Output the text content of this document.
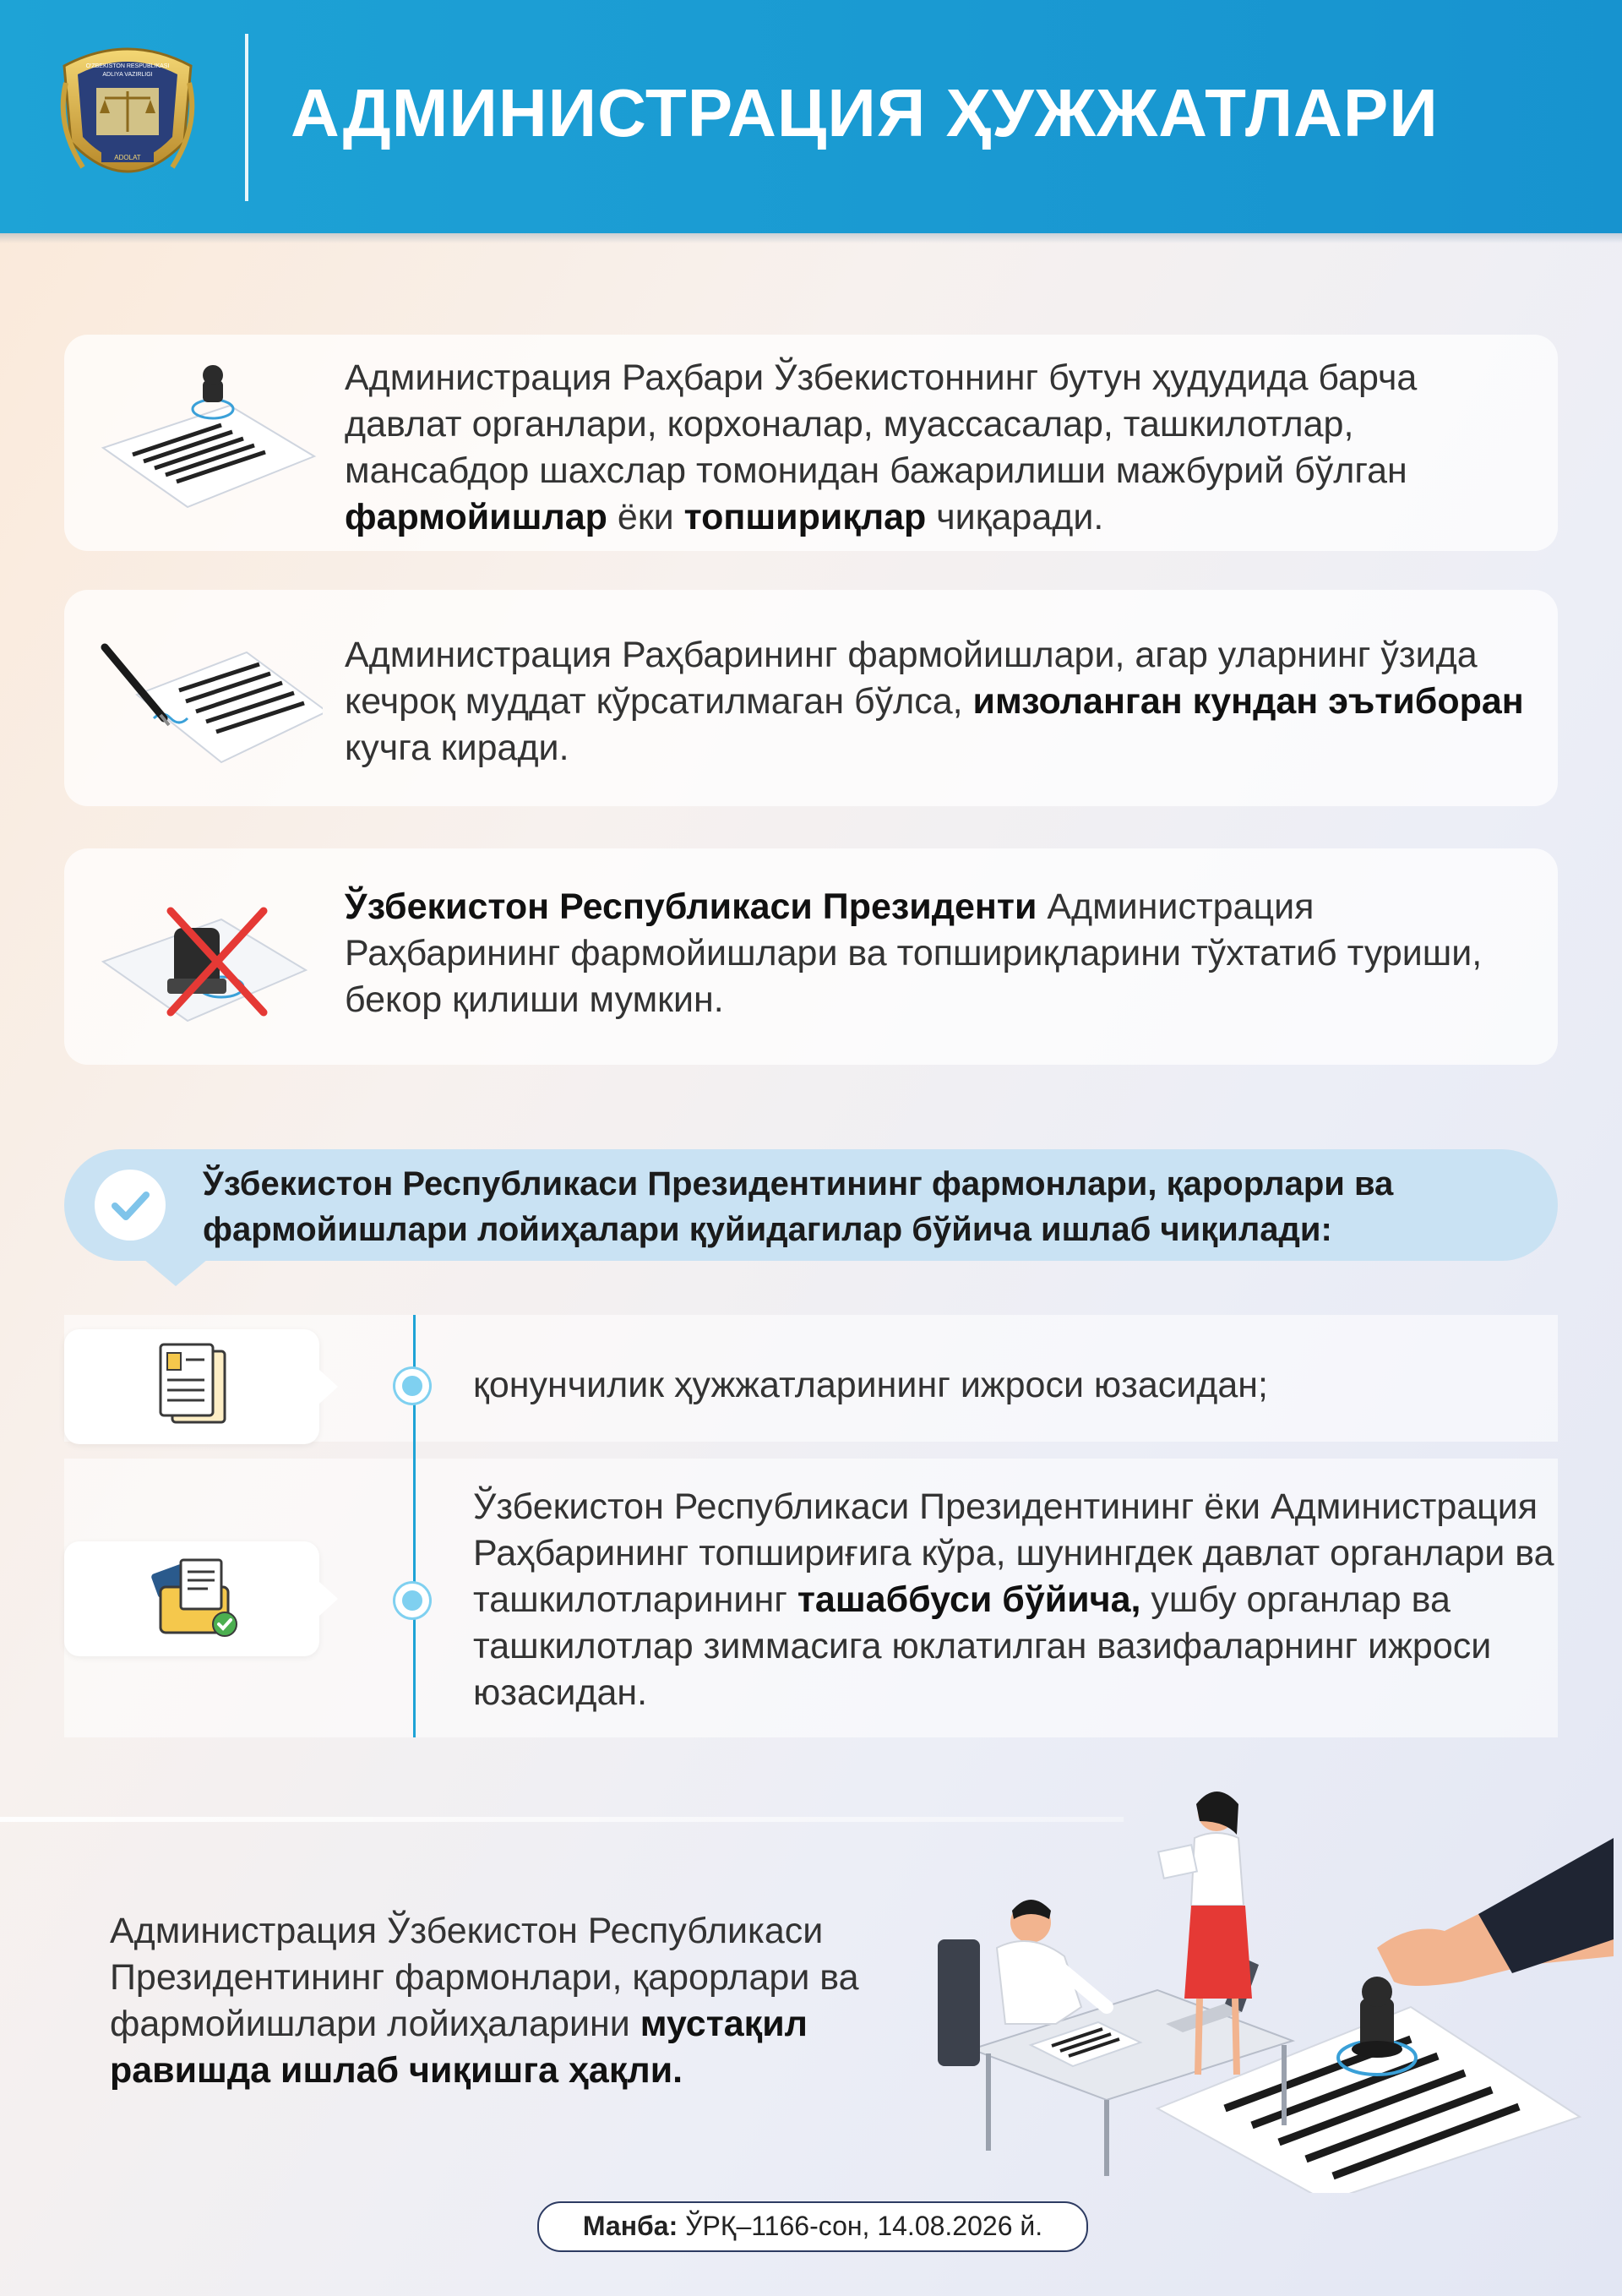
O'ZBEKISTON RESPUBLIKASI
ADLIYA VAZIRLIGI
ADOLAT
АДМИНИСТРАЦИЯ ҲУЖЖАТЛАРИ
Администрация Раҳбари Ўзбекистоннинг бутун ҳудудида барча давлат органлари, корхоналар, муассасалар, ташкилотлар, мансабдор шахслар томонидан бажарилиши мажбурий бўлган фармойишлар ёки топшириқлар чиқаради.
Администрация Раҳбарининг фармойишлари, агар уларнинг ўзида кечроқ муддат кўрсатилмаган бўлса, имзоланган кундан эътиборан кучга киради.
Ўзбекистон Республикаси Президенти Администрация Раҳбарининг фармойишлари ва топшириқларини тўхтатиб туриши, бекор қилиши мумкин.
Ўзбекистон Республикаси Президентининг фармонлари, қарорлари ва фармойишлари лойиҳалари қуйидагилар бўйича ишлаб чиқилади:
қонунчилик ҳужжатларининг ижроси юзасидан;
Ўзбекистон Республикаси Президентининг ёки Администрация Раҳбарининг топшириғига кўра, шунингдек давлат органлари ва ташкилотларининг ташаббуси бўйича, ушбу органлар ва ташкилотлар зиммасига юклатилган вазифаларнинг ижроси юзасидан.
Администрация Ўзбекистон Республикаси Президентининг фармонлари, қарорлари ва фармойишлари лойиҳаларини мустақил равишда ишлаб чиқишга ҳақли.
Манба: ЎРҚ–1166-сон, 14.08.2026 й.
